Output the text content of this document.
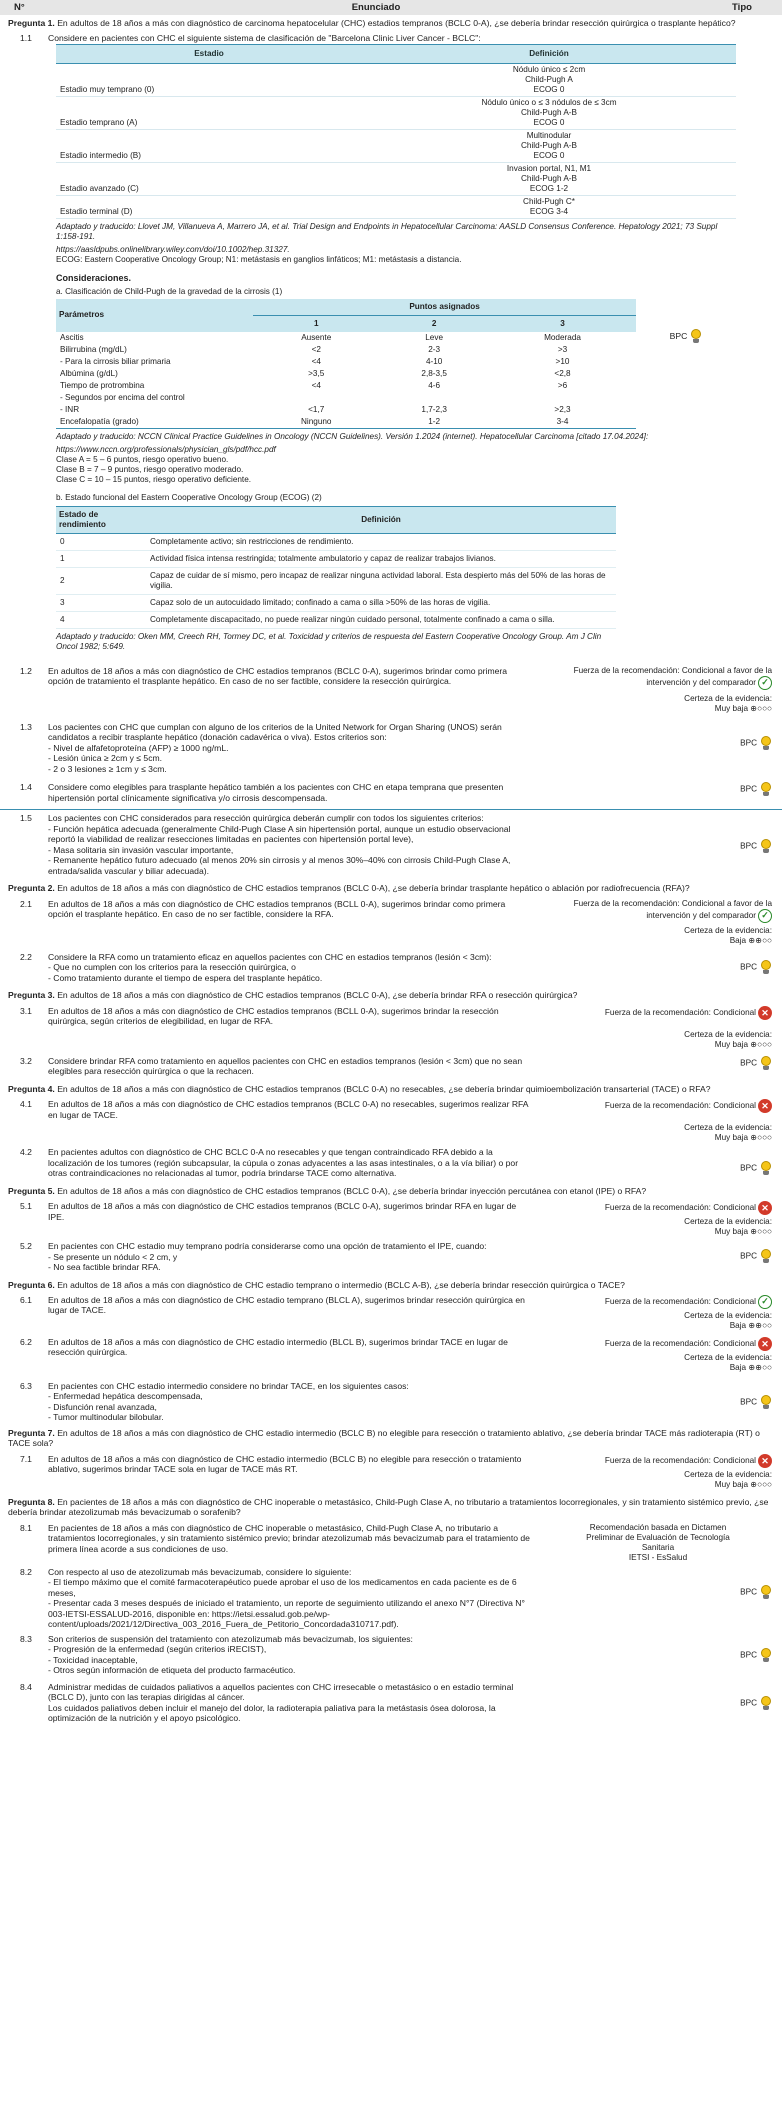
N°	Enunciado	Tipo
Pregunta 1. En adultos de 18 años a más con diagnóstico de carcinoma hepatocelular (CHC) estadios tempranos (BCLC 0-A), ¿se debería brindar resección quirúrgica o trasplante hepático?
1.1	Considere en pacientes con CHC el siguiente sistema de clasificación de "Barcelona Clinic Liver Cancer - BCLC":
Estadio	Definición
Estadio muy temprano (0)	Nódulo único ≤ 2cm
Child-Pugh A
ECOG 0

Estadio temprano (A)	Nódulo único o ≤ 3 nódulos de ≤ 3cm
Child-Pugh A-B
ECOG 0

Estadio intermedio (B)	Multinodular
Child-Pugh A-B
ECOG 0

Estadio avanzado (C)	Invasion portal, N1, M1
Child-Pugh A-B
ECOG 1-2

Estadio terminal (D)	Child-Pugh C*
ECOG 3-4
Adaptado y traducido: Llovet JM, Villanueva A, Marrero JA, et al. Trial Design and Endpoints in Hepatocellular Carcinoma: AASLD Consensus Conference. Hepatology 2021; 73 Suppl 1:158-191.
https://aasldpubs.onlinelibrary.wiley.com/doi/10.1002/hep.31327.
ECOG: Eastern Cooperative Oncology Group; N1: metástasis en ganglios linfáticos; M1: metástasis a distancia.
Consideraciones.
a. Clasificación de Child-Pugh de la gravedad de la cirrosis (1)
Parámetros	Puntos asignados		
	1	2	3
Ascitis	Ausente	Leve	Moderada
Bilirrubina (mg/dL)	<2	2-3	>3
- Para la cirrosis biliar primaria	<4	4-10	>10
Albúmina (g/dL)	>3,5	2,8-3,5	<2,8
Tiempo de protrombina	<4	4-6	>6
- Segundos por encima del control			
- INR	<1,7	1,7-2,3	>2,3
Encefalopatía (grado)	Ninguno	1-2	3-4
BPC
Adaptado y traducido: NCCN Clinical Practice Guidelines in Oncology (NCCN Guidelines). Versión 1.2024 (internet). Hepatocellular Carcinoma [citado 17.04.2024]:
https://www.nccn.org/professionals/physician_gls/pdf/hcc.pdf
Clase A = 5 – 6 puntos, riesgo operativo bueno.
Clase B = 7 – 9 puntos, riesgo operativo moderado.
Clase C = 10 – 15 puntos, riesgo operativo deficiente.
b. Estado funcional del Eastern Cooperative Oncology Group (ECOG) (2)
Estado de rendimiento	Definición
0	Completamente activo; sin restricciones de rendimiento.
1	Actividad física intensa restringida; totalmente ambulatorio y capaz de realizar trabajos livianos.
2	Capaz de cuidar de sí mismo, pero incapaz de realizar ninguna actividad laboral. Esta despierto más del 50% de las horas de vigilia.
3	Capaz solo de un autocuidado limitado; confinado a cama o silla >50% de las horas de vigilia.
4	Completamente discapacitado, no puede realizar ningún cuidado personal, totalmente confinado a cama o silla.
Adaptado y traducido: Oken MM, Creech RH, Tormey DC, et al. Toxicidad y criterios de respuesta del Eastern Cooperative Oncology Group. Am J Clin Oncol 1982; 5:649.
1.2	En adultos de 18 años a más con diagnóstico de CHC estadios tempranos (BCLC 0-A), sugerimos brindar como primera opción de tratamiento el trasplante hepático. En caso de no ser factible, considere la resección quirúrgica.
Fuerza de la recomendación: Condicional a favor de la intervención y del comparador ✓
Certeza de la evidencia:
Muy baja ⊕○○○
1.3	Los pacientes con CHC que cumplan con alguno de los criterios de la United Network for Organ Sharing (UNOS) serán candidatos a recibir trasplante hepático (donación cadavérica o viva). Estos criterios son:
- Nivel de alfafetoproteína (AFP) ≥ 1000 ng/mL.
- Lesión única ≥ 2cm y ≤ 5cm.
- 2 o 3 lesiones ≥ 1cm y ≤ 3cm.
BPC
1.4	Considere como elegibles para trasplante hepático también a los pacientes con CHC en etapa temprana que presenten hipertensión portal clínicamente significativa y/o cirrosis descompensada.
BPC
1.5	Los pacientes con CHC considerados para resección quirúrgica deberán cumplir con todos los siguientes criterios:
- Función hepática adecuada (generalmente Child-Pugh Clase A sin hipertensión portal, aunque un estudio observacional reportó la viabilidad de realizar resecciones limitadas en pacientes con hipertensión portal leve),
- Masa solitaria sin invasión vascular importante,
- Remanente hepático futuro adecuado (al menos 20% sin cirrosis y al menos 30%–40% con cirrosis Child-Pugh Clase A, entrada/salida vascular y biliar adecuada).
BPC
Pregunta 2. En adultos de 18 años a más con diagnóstico de CHC estadios tempranos (BCLC 0-A), ¿se debería brindar trasplante hepático o ablación por radiofrecuencia (RFA)?
2.1	En adultos de 18 años a más con diagnóstico de CHC estadios tempranos (BCLL 0-A), sugerimos brindar como primera opción el trasplante hepático. En caso de no ser factible, considere la RFA.
Fuerza de la recomendación: Condicional a favor de la intervención y del comparador ✓
Certeza de la evidencia:
Baja ⊕⊕○○
2.2	Considere la RFA como un tratamiento eficaz en aquellos pacientes con CHC en estadios tempranos (lesión < 3cm):
- Que no cumplen con los criterios para la resección quirúrgica, o
- Como tratamiento durante el tiempo de espera del trasplante hepático.
BPC
Pregunta 3. En adultos de 18 años a más con diagnóstico de CHC estadios tempranos (BCLC 0-A), ¿se debería brindar RFA o resección quirúrgica?
3.1	En adultos de 18 años a más con diagnóstico de CHC estadios tempranos (BCLL 0-A), sugerimos brindar la resección quirúrgica, según criterios de elegibilidad, en lugar de RFA.
Fuerza de la recomendación: Condicional ✕
Certeza de la evidencia:
Muy baja ⊕○○○
3.2	Considere brindar RFA como tratamiento en aquellos pacientes con CHC en estadios tempranos (lesión < 3cm) que no sean elegibles para resección quirúrgica o que la rechacen.
BPC
Pregunta 4. En adultos de 18 años a más con diagnóstico de CHC estadios tempranos (BCLC 0-A) no resecables, ¿se debería brindar quimioembolización transarterial (TACE) o RFA?
4.1	En adultos de 18 años a más con diagnóstico de CHC estadios tempranos (BCLC 0-A) no resecables, sugerimos realizar RFA en lugar de TACE.
Fuerza de la recomendación: Condicional ✕
Certeza de la evidencia:
Muy baja ⊕○○○
4.2	En pacientes adultos con diagnóstico de CHC BCLC 0-A no resecables y que tengan contraindicado RFA debido a la localización de los tumores (región subcapsular, la cúpula o zonas adyacentes a las asas intestinales, o a la vía biliar) o por otras contraindicaciones no relacionadas al tumor, podría brindarse TACE como alternativa.	BPC
Pregunta 5. En adultos de 18 años a más con diagnóstico de CHC estadios tempranos (BCLC 0-A), ¿se debería brindar inyección percutánea con etanol (IPE) o RFA?
5.1	En adultos de 18 años a más con diagnóstico de CHC estadios tempranos (BCLC 0-A), sugerimos brindar RFA en lugar de IPE.
Fuerza de la recomendación: Condicional ✕
Certeza de la evidencia:
Muy baja ⊕○○○
5.2	En pacientes con CHC estadio muy temprano podría considerarse como una opción de tratamiento el IPE, cuando:
- Se presente un nódulo < 2 cm, y
- No sea factible brindar RFA.
BPC
Pregunta 6. En adultos de 18 años a más con diagnóstico de CHC estadio temprano o intermedio (BCLC A-B), ¿se debería brindar resección quirúrgica o TACE?
6.1	En adultos de 18 años a más con diagnóstico de CHC estadio temprano (BLCL A), sugerimos brindar resección quirúrgica en lugar de TACE.
Fuerza de la recomendación: Condicional ✓
Certeza de la evidencia:
Baja ⊕⊕○○
6.2	En adultos de 18 años a más con diagnóstico de CHC estadio intermedio (BLCL B), sugerimos brindar TACE en lugar de resección quirúrgica.
Fuerza de la recomendación: Condicional ✕
Certeza de la evidencia:
Baja ⊕⊕○○
6.3	En pacientes con CHC estadio intermedio considere no brindar TACE, en los siguientes casos:
- Enfermedad hepática descompensada,
- Disfunción renal avanzada,
- Tumor multinodular bilobular.
BPC
Pregunta 7. En adultos de 18 años a más con diagnóstico de CHC estadio intermedio (BCLC B) no elegible para resección o tratamiento ablativo, ¿se debería brindar TACE más radioterapia (RT) o TACE sola?
7.1	En adultos de 18 años a más con diagnóstico de CHC estadio intermedio (BCLC B) no elegible para resección o tratamiento ablativo, sugerimos brindar TACE sola en lugar de TACE más RT.
Fuerza de la recomendación: Condicional ✕
Certeza de la evidencia:
Muy baja ⊕○○○
Pregunta 8. En pacientes de 18 años a más con diagnóstico de CHC inoperable o metastásico, Child-Pugh Clase A, no tributario a tratamientos locorregionales, y sin tratamiento sistémico previo, ¿se debería brindar atezolizumab más bevacizumab o sorafenib?
8.1	En pacientes de 18 años a más con diagnóstico de CHC inoperable o metastásico, Child-Pugh Clase A, no tributario a tratamientos locorregionales, y sin tratamiento sistémico previo; brindar atezolizumab más bevacizumab para el tratamiento de primera línea acorde a sus condiciones de uso.
Recomendación basada en Dictamen
Preliminar de Evaluación de Tecnología
Sanitaria
IETSI - EsSalud
8.2	Con respecto al uso de atezolizumab más bevacizumab, considere lo siguiente:
- El tiempo máximo que el comité farmacoterapéutico puede aprobar el uso de los medicamentos en cada paciente es de 6 meses,
- Presentar cada 3 meses después de iniciado el tratamiento, un reporte de seguimiento utilizando el anexo N°7 (Directiva N° 003-IETSI-ESSALUD-2016, disponible en: https://ietsi.essalud.gob.pe/wp-content/uploads/2021/12/Directiva_003_2016_Fuera_de_Petitorio_Concordada310717.pdf).
BPC
8.3	Son criterios de suspensión del tratamiento con atezolizumab más bevacizumab, los siguientes:
- Progresión de la enfermedad (según criterios iRECIST),
- Toxicidad inaceptable,
- Otros según información de etiqueta del producto farmacéutico.
BPC
8.4	Administrar medidas de cuidados paliativos a aquellos pacientes con CHC irresecable o metastásico o en estadio terminal (BCLC D), junto con las terapias dirigidas al cáncer.
Los cuidados paliativos deben incluir el manejo del dolor, la radioterapia paliativa para la metástasis ósea dolorosa, la optimización de la nutrición y el apoyo psicológico.
BPC
